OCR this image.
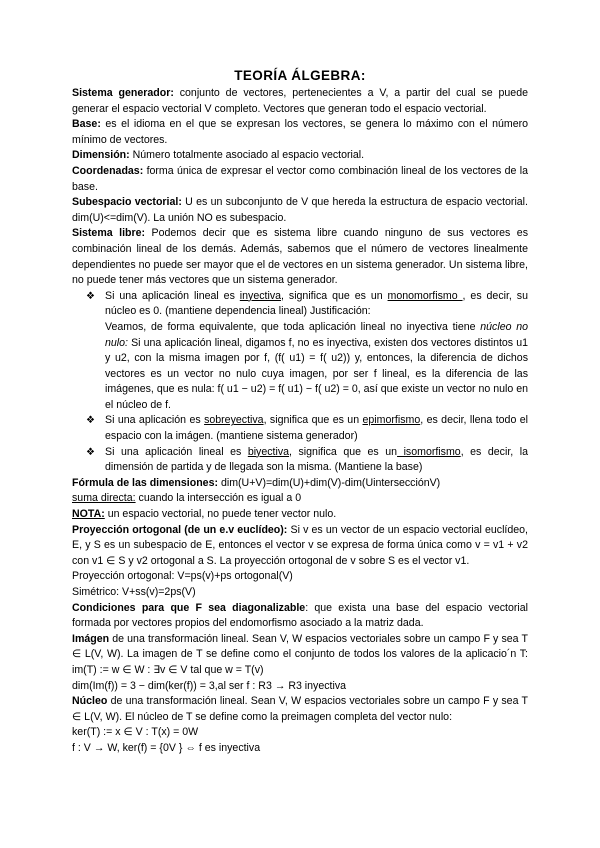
TEORÍA ÁLGEBRA:

Sistema generador: conjunto de vectores, pertenecientes a V, a partir del cual se puede generar el espacio vectorial V completo. Vectores que generan todo el espacio vectorial.

Base: es el idioma en el que se expresan los vectores, se genera lo máximo con el número mínimo de vectores.

Dimensión: Número totalmente asociado al espacio vectorial.

Coordenadas: forma única de expresar el vector como combinación lineal de los vectores de la base.

Subespacio vectorial: U es un subconjunto de V que hereda la estructura de espacio vectorial. dim(U)<=dim(V). La unión NO es subespacio.

Sistema libre: Podemos decir que es sistema libre cuando ninguno de sus vectores es combinación lineal de los demás. Además, sabemos que el número de vectores linealmente dependientes no puede ser mayor que el de vectores en un sistema generador. Un sistema libre, no puede tener más vectores que un sistema generador.

❖ Si una aplicación lineal es inyectiva, significa que es un monomorfismo , es decir, su núcleo es 0. (mantiene dependencia lineal) Justificación:
Veamos, de forma equivalente, que toda aplicación lineal no inyectiva tiene núcleo no nulo: Si una aplicación lineal, digamos f, no es inyectiva, existen dos vectores distintos u1 y u2, con la misma imagen por f, (f( u1) = f( u2)) y, entonces, la diferencia de dichos vectores es un vector no nulo cuya imagen, por ser f lineal, es la diferencia de las imágenes, que es nula: f( u1 − u2) = f( u1) − f( u2) = 0, así que existe un vector no nulo en el núcleo de f.
❖ Si una aplicación es sobreyectiva, significa que es un epimorfismo, es decir, llena todo el espacio con la imágen. (mantiene sistema generador)
❖ Si una aplicación lineal es biyectiva, significa que es un isomorfismo, es decir, la dimensión de partida y de llegada son la misma. (Mantiene la base)

Fórmula de las dimensiones: dim(U+V)=dim(U)+dim(V)-dim(UintersecciónV)

suma directa: cuando la intersección es igual a 0

NOTA: un espacio vectorial, no puede tener vector nulo.

Proyección ortogonal (de un e.v euclídeo): Si v es un vector de un espacio vectorial euclídeo, E, y S es un subespacio de E, entonces el vector v se expresa de forma única como v = v1 + v2 con v1 ∈ S y v2 ortogonal a S. La proyección ortogonal de v sobre S es el vector v1.

Proyección ortogonal: V=ps(v)+ps ortogonal(V)

Simétrico: V+ss(v)=2ps(V)

Condiciones para que F sea diagonalizable: que exista una base del espacio vectorial formada por vectores propios del endomorfismo asociado a la matriz dada.

Imágen de una transformación lineal. Sean V, W espacios vectoriales sobre un campo F y sea T ∈ L(V, W). La imagen de T se define como el conjunto de todos los valores de la aplicacio´n T: im(T) := w ∈ W : ∃v ∈ V tal que w = T(v)

dim(Im(f)) = 3 − dim(ker(f)) = 3,al ser f : R3 → R3 inyectiva

Núcleo de una transformación lineal. Sean V, W espacios vectoriales sobre un campo F y sea T ∈ L(V, W). El núcleo de T se define como la preimagen completa del vector nulo:

ker(T) := x ∈ V : T(x) = 0W

f : V → W, ker(f) = {0V } ⇔ f es inyectiva
